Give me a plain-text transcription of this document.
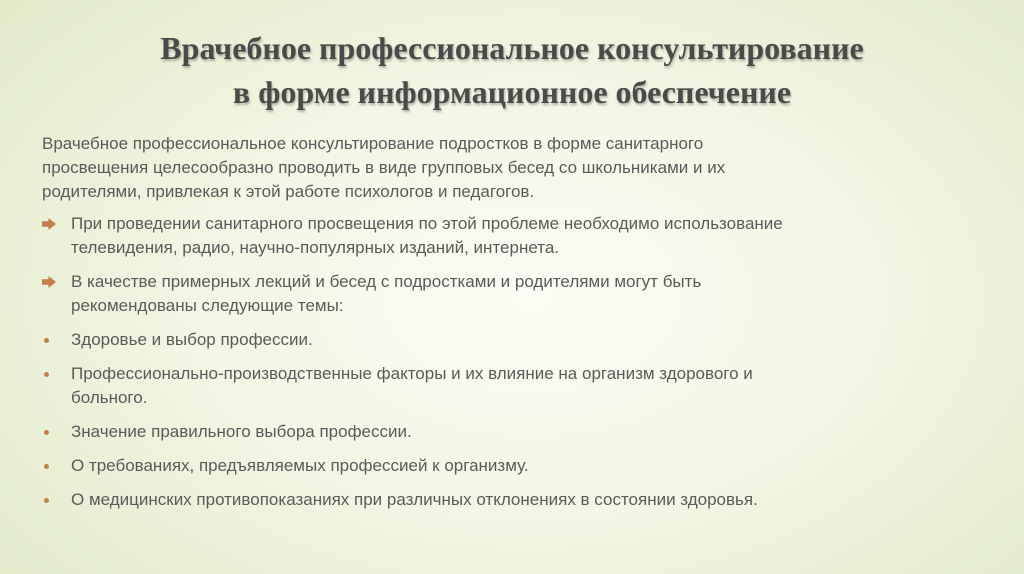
Врачебное профессиональное консультирование
в форме информационное обеспечение

Врачебное профессиональное консультирование подростков в форме санитарного
просвещения целесообразно проводить в виде групповых бесед со школьниками и их
родителями, привлекая к этой работе психологов и педагогов.

При проведении санитарного просвещения по этой проблеме необходимо использование
телевидения, радио, научно-популярных изданий, интернета.
В качестве примерных лекций и бесед с подростками и родителями могут быть
рекомендованы следующие темы:
Здоровье и выбор профессии.
Профессионально-производственные факторы и их влияние на организм здорового и
больного.
Значение правильного выбора профессии.
О требованиях, предъявляемых профессией к организму.
О медицинских противопоказаниях при различных отклонениях в состоянии здоровья.
